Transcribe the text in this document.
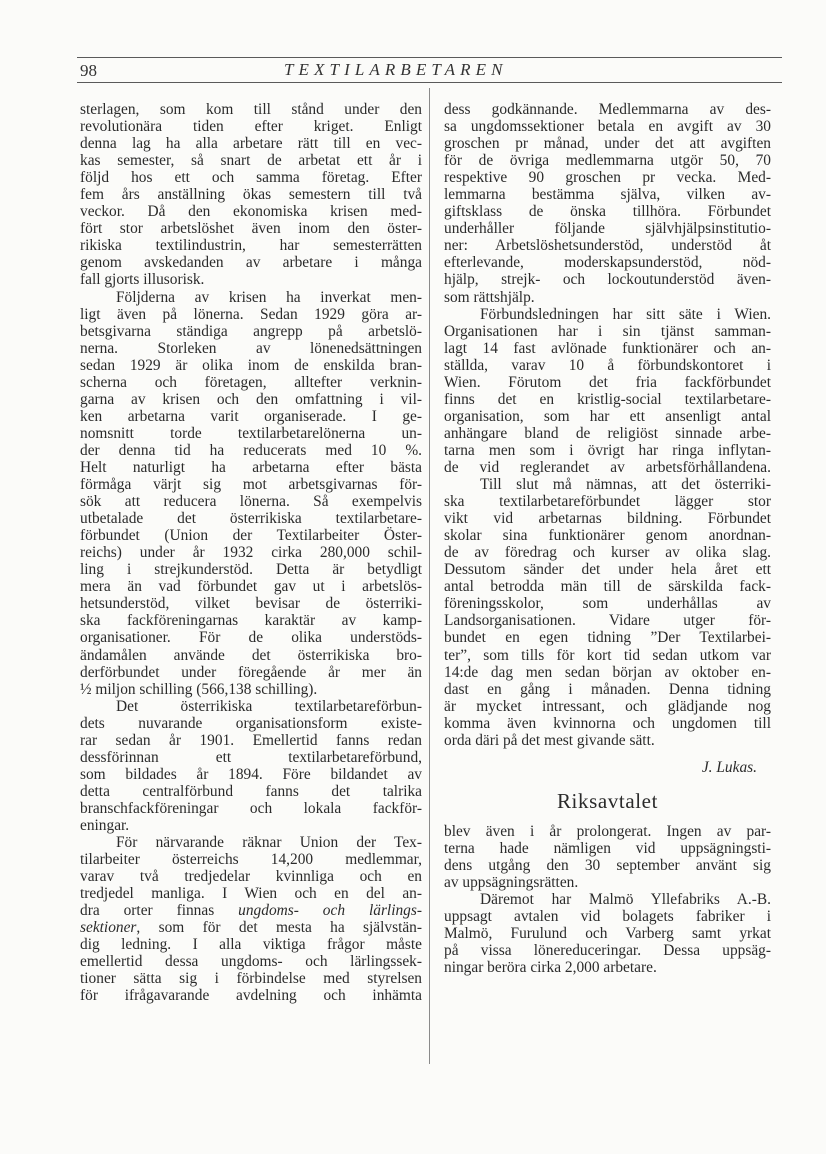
98	TEXTILARBETAREN
sterlagen, som kom till stånd under den
revolutionära tiden efter kriget. Enligt
denna lag ha alla arbetare rätt till en vec-
kas semester, så snart de arbetat ett år i
följd hos ett och samma företag. Efter
fem års anställning ökas semestern till två
veckor. Då den ekonomiska krisen med-
fört stor arbetslöshet även inom den öster-
rikiska textilindustrin, har semesterrätten
genom avskedanden av arbetare i många
fall gjorts illusorisk.
Följderna av krisen ha inverkat men-
ligt även på lönerna. Sedan 1929 göra ar-
betsgivarna ständiga angrepp på arbetslö-
nerna. Storleken av lönenedsättningen
sedan 1929 är olika inom de enskilda bran-
scherna och företagen, alltefter verknin-
garna av krisen och den omfattning i vil-
ken arbetarna varit organiserade. I ge-
nomsnitt torde textilarbetarelönerna un-
der denna tid ha reducerats med 10 %.
Helt naturligt ha arbetarna efter bästa
förmåga värjt sig mot arbetsgivarnas för-
sök att reducera lönerna. Så exempelvis
utbetalade det österrikiska textilarbetare-
förbundet (Union der Textilarbeiter Öster-
reichs) under år 1932 cirka 280,000 schil-
ling i strejkunderstöd. Detta är betydligt
mera än vad förbundet gav ut i arbetslös-
hetsunderstöd, vilket bevisar de österriki-
ska fackföreningarnas karaktär av kamp-
organisationer. För de olika understöds-
ändamålen använde det österrikiska bro-
derförbundet under föregående år mer än
½ miljon schilling (566,138 schilling).
Det österrikiska textilarbetareförbun-
dets nuvarande organisationsform existe-
rar sedan år 1901. Emellertid fanns redan
dessförinnan ett textilarbetareförbund,
som bildades år 1894. Före bildandet av
detta centralförbund fanns det talrika
branschfackföreningar och lokala fackför-
eningar.
För närvarande räknar Union der Tex-
tilarbeiter österreichs 14,200 medlemmar,
varav två tredjedelar kvinnliga och en
tredjedel manliga. I Wien och en del an-
dra orter finnas ungdoms- och lärlings-
sektioner, som för det mesta ha självstän-
dig ledning. I alla viktiga frågor måste
emellertid dessa ungdoms- och lärlingssek-
tioner sätta sig i förbindelse med styrelsen
för ifrågavarande avdelning och inhämta
dess godkännande. Medlemmarna av des-
sa ungdomssektioner betala en avgift av 30
groschen pr månad, under det att avgiften
för de övriga medlemmarna utgör 50, 70
respektive 90 groschen pr vecka. Med-
lemmarna bestämma själva, vilken av-
giftsklass de önska tillhöra. Förbundet
underhåller följande självhjälpsinstitutio-
ner: Arbetslöshetsunderstöd, understöd åt
efterlevande, moderskapsunderstöd, nöd-
hjälp, strejk- och lockoutunderstöd även-
som rättshjälp.
Förbundsledningen har sitt säte i Wien.
Organisationen har i sin tjänst samman-
lagt 14 fast avlönade funktionärer och an-
ställda, varav 10 å förbundskontoret i
Wien. Förutom det fria fackförbundet
finns det en kristlig-social textilarbetare-
organisation, som har ett ansenligt antal
anhängare bland de religiöst sinnade arbe-
tarna men som i övrigt har ringa inflytan-
de vid reglerandet av arbetsförhållandena.
Till slut må nämnas, att det österriki-
ska textilarbetareförbundet lägger stor
vikt vid arbetarnas bildning. Förbundet
skolar sina funktionärer genom anordnan-
de av föredrag och kurser av olika slag.
Dessutom sänder det under hela året ett
antal betrodda män till de särskilda fack-
föreningsskolor, som underhållas av
Landsorganisationen. Vidare utger för-
bundet en egen tidning ”Der Textilarbei-
ter”, som tills för kort tid sedan utkom var
14:de dag men sedan början av oktober en-
dast en gång i månaden. Denna tidning
är mycket intressant, och glädjande nog
komma även kvinnorna och ungdomen till
orda däri på det mest givande sätt.
J. Lukas.
Riksavtalet
blev även i år prolongerat. Ingen av par-
terna hade nämligen vid uppsägningsti-
dens utgång den 30 september använt sig
av uppsägningsrätten.
Däremot har Malmö Yllefabriks A.-B.
uppsagt avtalen vid bolagets fabriker i
Malmö, Furulund och Varberg samt yrkat
på vissa lönereduceringar. Dessa uppsäg-
ningar beröra cirka 2,000 arbetare.
